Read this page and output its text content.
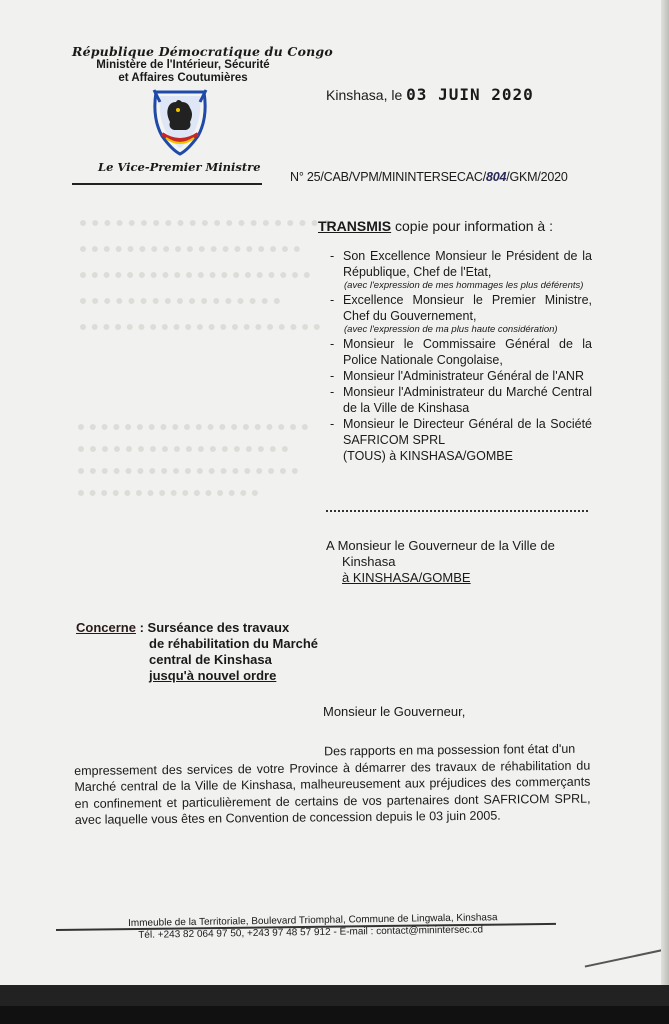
République Démocratique du Congo
Ministère de l'Intérieur, Sécurité
et Affaires Coutumières
Le Vice-Premier Ministre
Kinshasa, le 03 JUIN 2020
N° 25/CAB/VPM/MININTERSECAC/804/GKM/2020
TRANSMIS copie pour information à :
- Son Excellence Monsieur le Président de la République, Chef de l'Etat,
(avec l'expression de mes hommages les plus déférents)
- Excellence Monsieur le Premier Ministre, Chef du Gouvernement,
(avec l'expression de ma plus haute considération)
- Monsieur le Commissaire Général de la Police Nationale Congolaise,
- Monsieur l'Administrateur Général de l'ANR
- Monsieur l'Administrateur du Marché Central de la Ville de Kinshasa
- Monsieur le Directeur Général de la Société SAFRICOM SPRL
(TOUS) à KINSHASA/GOMBE
A Monsieur le Gouverneur de la Ville de
Kinshasa
à KINSHASA/GOMBE
Concerne : Surséance des travaux
de réhabilitation du Marché
central de Kinshasa
jusqu'à nouvel ordre
Monsieur le Gouverneur,
Des rapports en ma possession font état d'un
empressement des services de votre Province à démarrer des travaux de réhabilitation du Marché central de la Ville de Kinshasa, malheureusement aux préjudices des commerçants en confinement et particulièrement de certains de vos partenaires dont SAFRICOM SPRL, avec laquelle vous êtes en Convention de concession depuis le 03 juin 2005.
Immeuble de la Territoriale, Boulevard Triomphal, Commune de Lingwala, Kinshasa
Tél. +243 82 064 97 50, +243 97 48 57 912 - E-mail : contact@minintersec.cd
